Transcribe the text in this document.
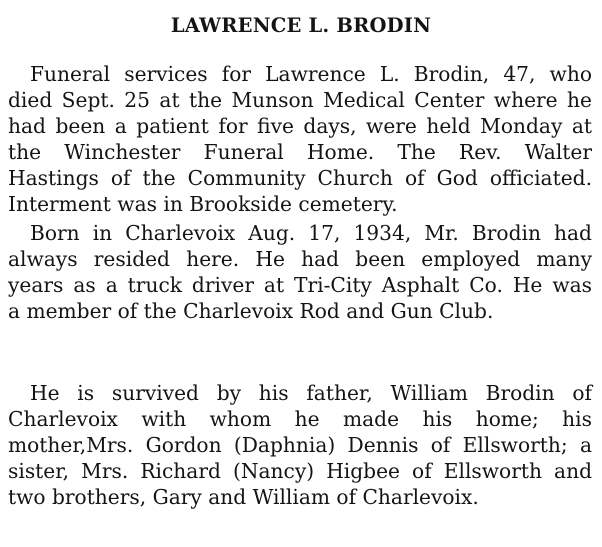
LAWRENCE L. BRODIN

Funeral services for Lawrence L. Brodin, 47, who

died Sept. 25 at the Munson Medical Center where he

had been a patient for five days, were held Monday at

the Winchester Funeral Home. The Rev. Walter

Hastings of the Community Church of God officiated.

Interment was in Brookside cemetery.

Born in Charlevoix Aug. 17, 1934, Mr. Brodin had

always resided here. He had been employed many

years as a truck driver at Tri-City Asphalt Co. He was

a member of the Charlevoix Rod and Gun Club.

He is survived by his father, William Brodin of

Charlevoix with whom he made his home; his

mother,Mrs. Gordon (Daphnia) Dennis of Ellsworth; a

sister, Mrs. Richard (Nancy) Higbee of Ellsworth and

two brothers, Gary and William of Charlevoix.
